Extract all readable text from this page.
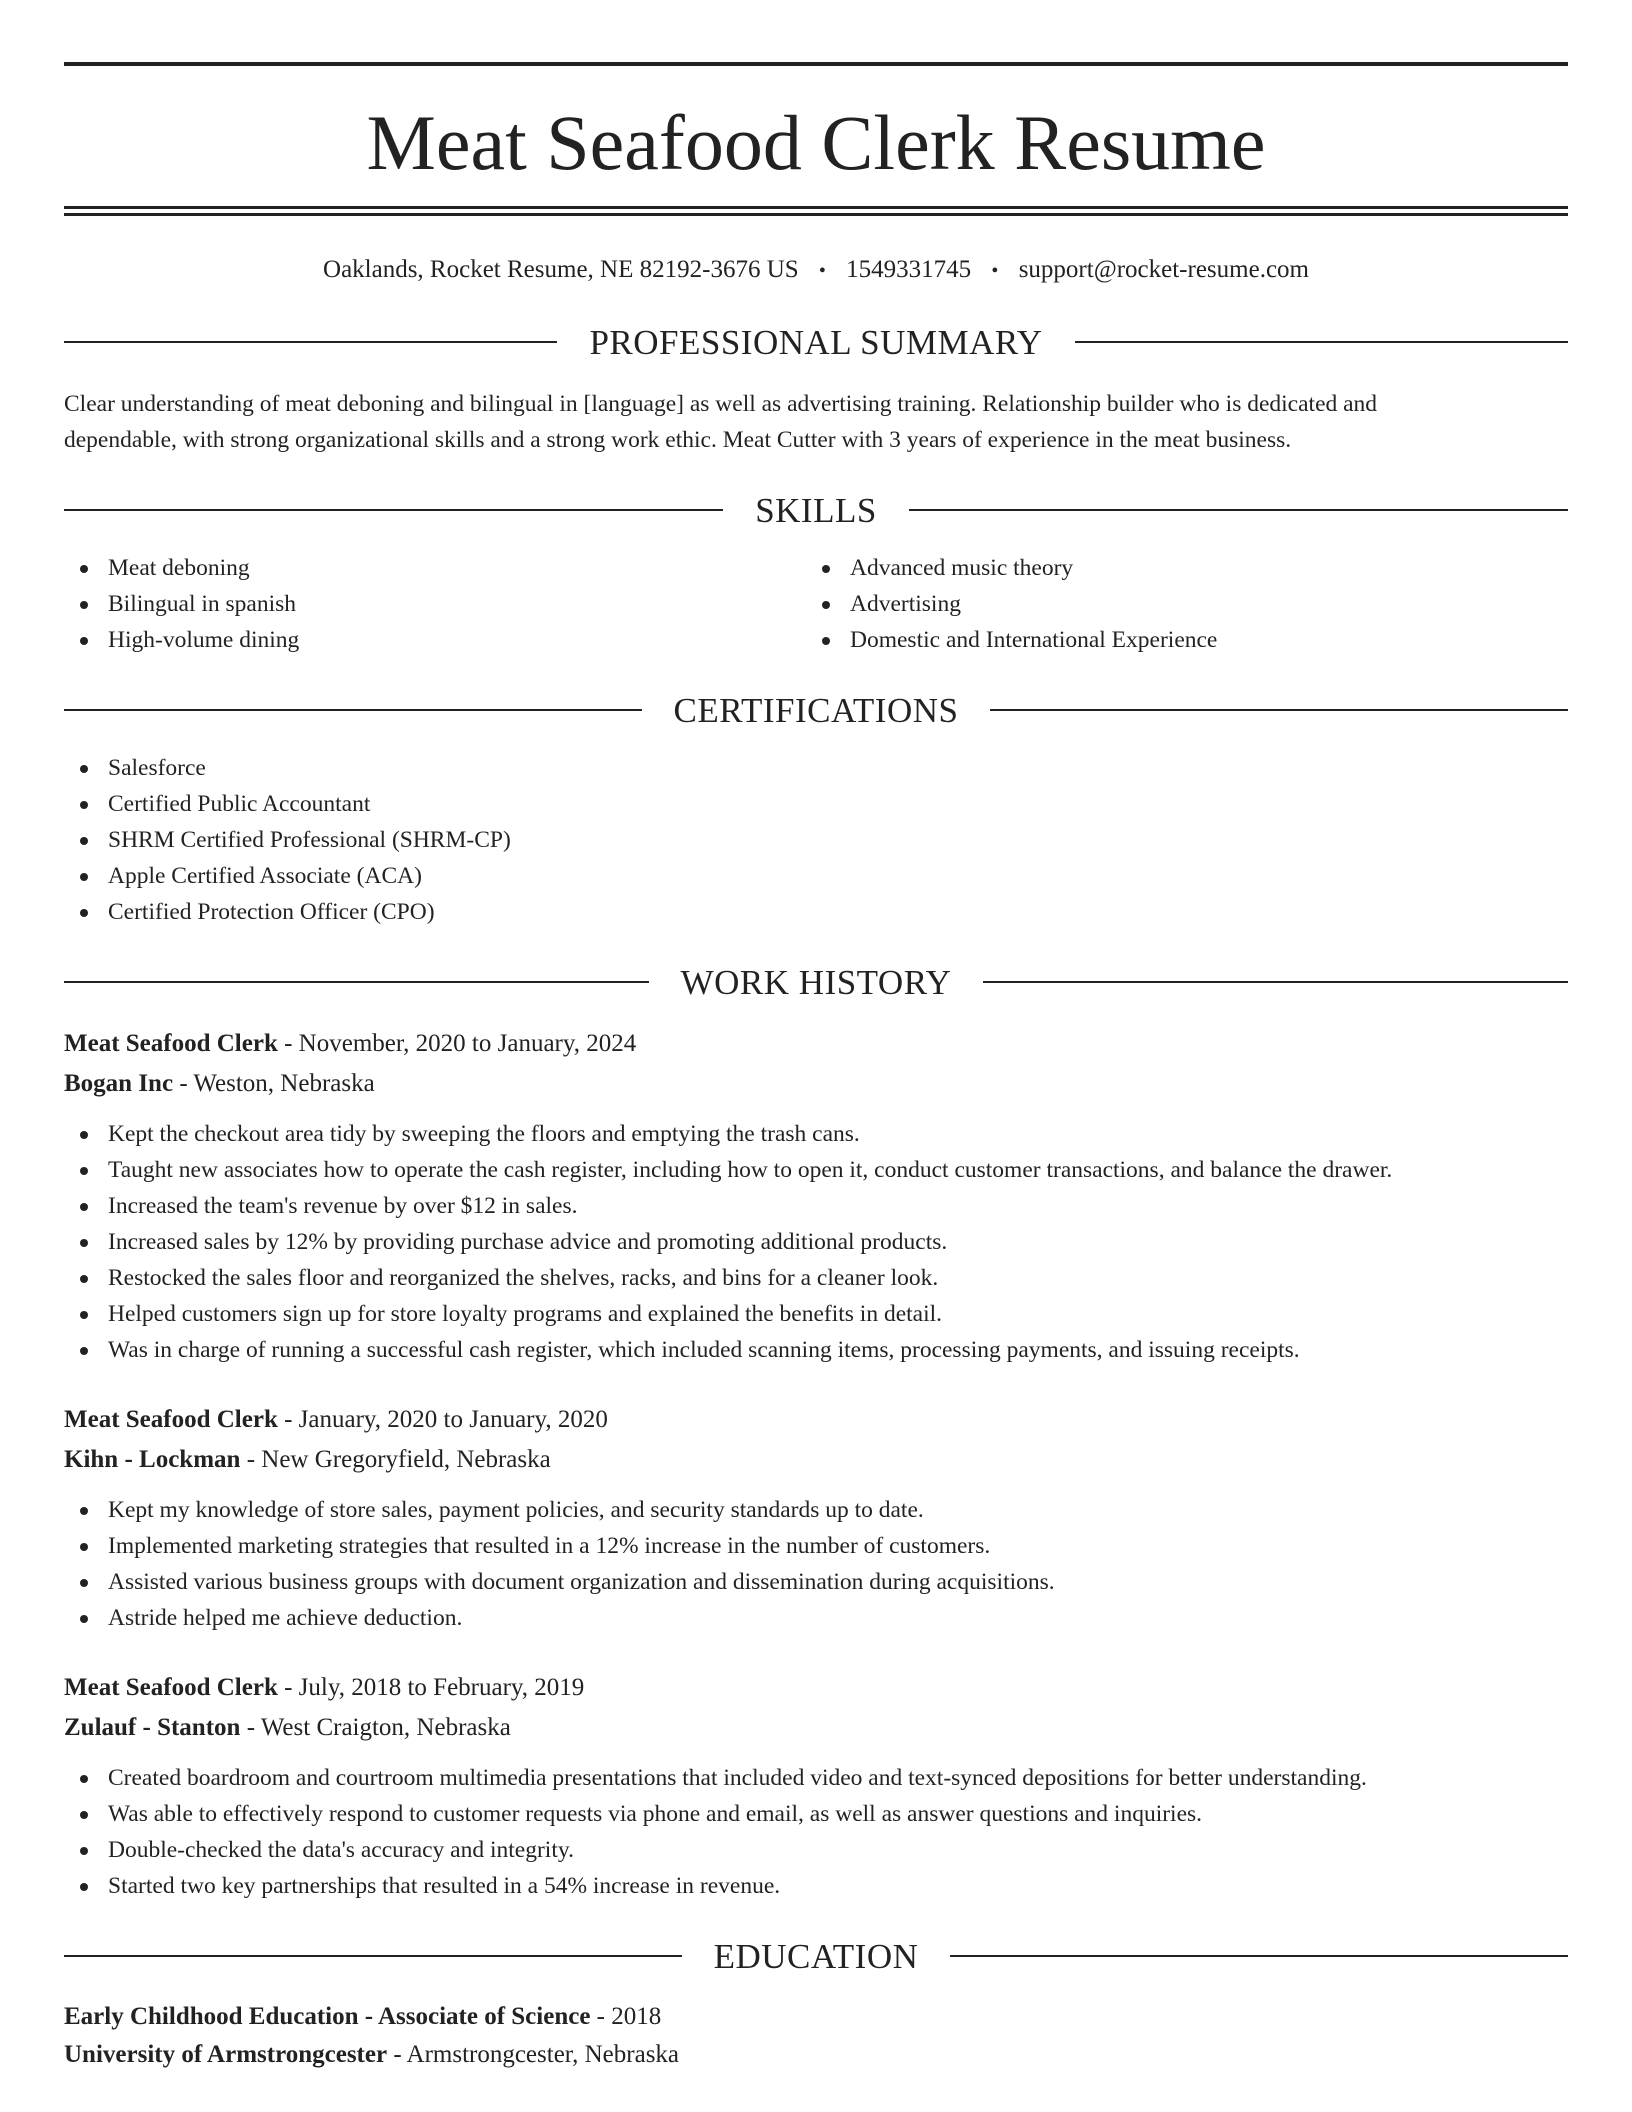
Meat Seafood Clerk Resume
Oaklands, Rocket Resume, NE 82192-3676 US • 1549331745 • support@rocket-resume.com
PROFESSIONAL SUMMARY
Clear understanding of meat deboning and bilingual in [language] as well as advertising training. Relationship builder who is dedicated and
dependable, with strong organizational skills and a strong work ethic. Meat Cutter with 3 years of experience in the meat business.
SKILLS
Meat deboning
Bilingual in spanish
High-volume dining
Advanced music theory
Advertising
Domestic and International Experience
CERTIFICATIONS
Salesforce
Certified Public Accountant
SHRM Certified Professional (SHRM-CP)
Apple Certified Associate (ACA)
Certified Protection Officer (CPO)
WORK HISTORY
Meat Seafood Clerk - November, 2020 to January, 2024
Bogan Inc - Weston, Nebraska
Kept the checkout area tidy by sweeping the floors and emptying the trash cans.
Taught new associates how to operate the cash register, including how to open it, conduct customer transactions, and balance the drawer.
Increased the team's revenue by over $12 in sales.
Increased sales by 12% by providing purchase advice and promoting additional products.
Restocked the sales floor and reorganized the shelves, racks, and bins for a cleaner look.
Helped customers sign up for store loyalty programs and explained the benefits in detail.
Was in charge of running a successful cash register, which included scanning items, processing payments, and issuing receipts.
Meat Seafood Clerk - January, 2020 to January, 2020
Kihn - Lockman - New Gregoryfield, Nebraska
Kept my knowledge of store sales, payment policies, and security standards up to date.
Implemented marketing strategies that resulted in a 12% increase in the number of customers.
Assisted various business groups with document organization and dissemination during acquisitions.
Astride helped me achieve deduction.
Meat Seafood Clerk - July, 2018 to February, 2019
Zulauf - Stanton - West Craigton, Nebraska
Created boardroom and courtroom multimedia presentations that included video and text-synced depositions for better understanding.
Was able to effectively respond to customer requests via phone and email, as well as answer questions and inquiries.
Double-checked the data's accuracy and integrity.
Started two key partnerships that resulted in a 54% increase in revenue.
EDUCATION
Early Childhood Education - Associate of Science - 2018
University of Armstrongcester - Armstrongcester, Nebraska
